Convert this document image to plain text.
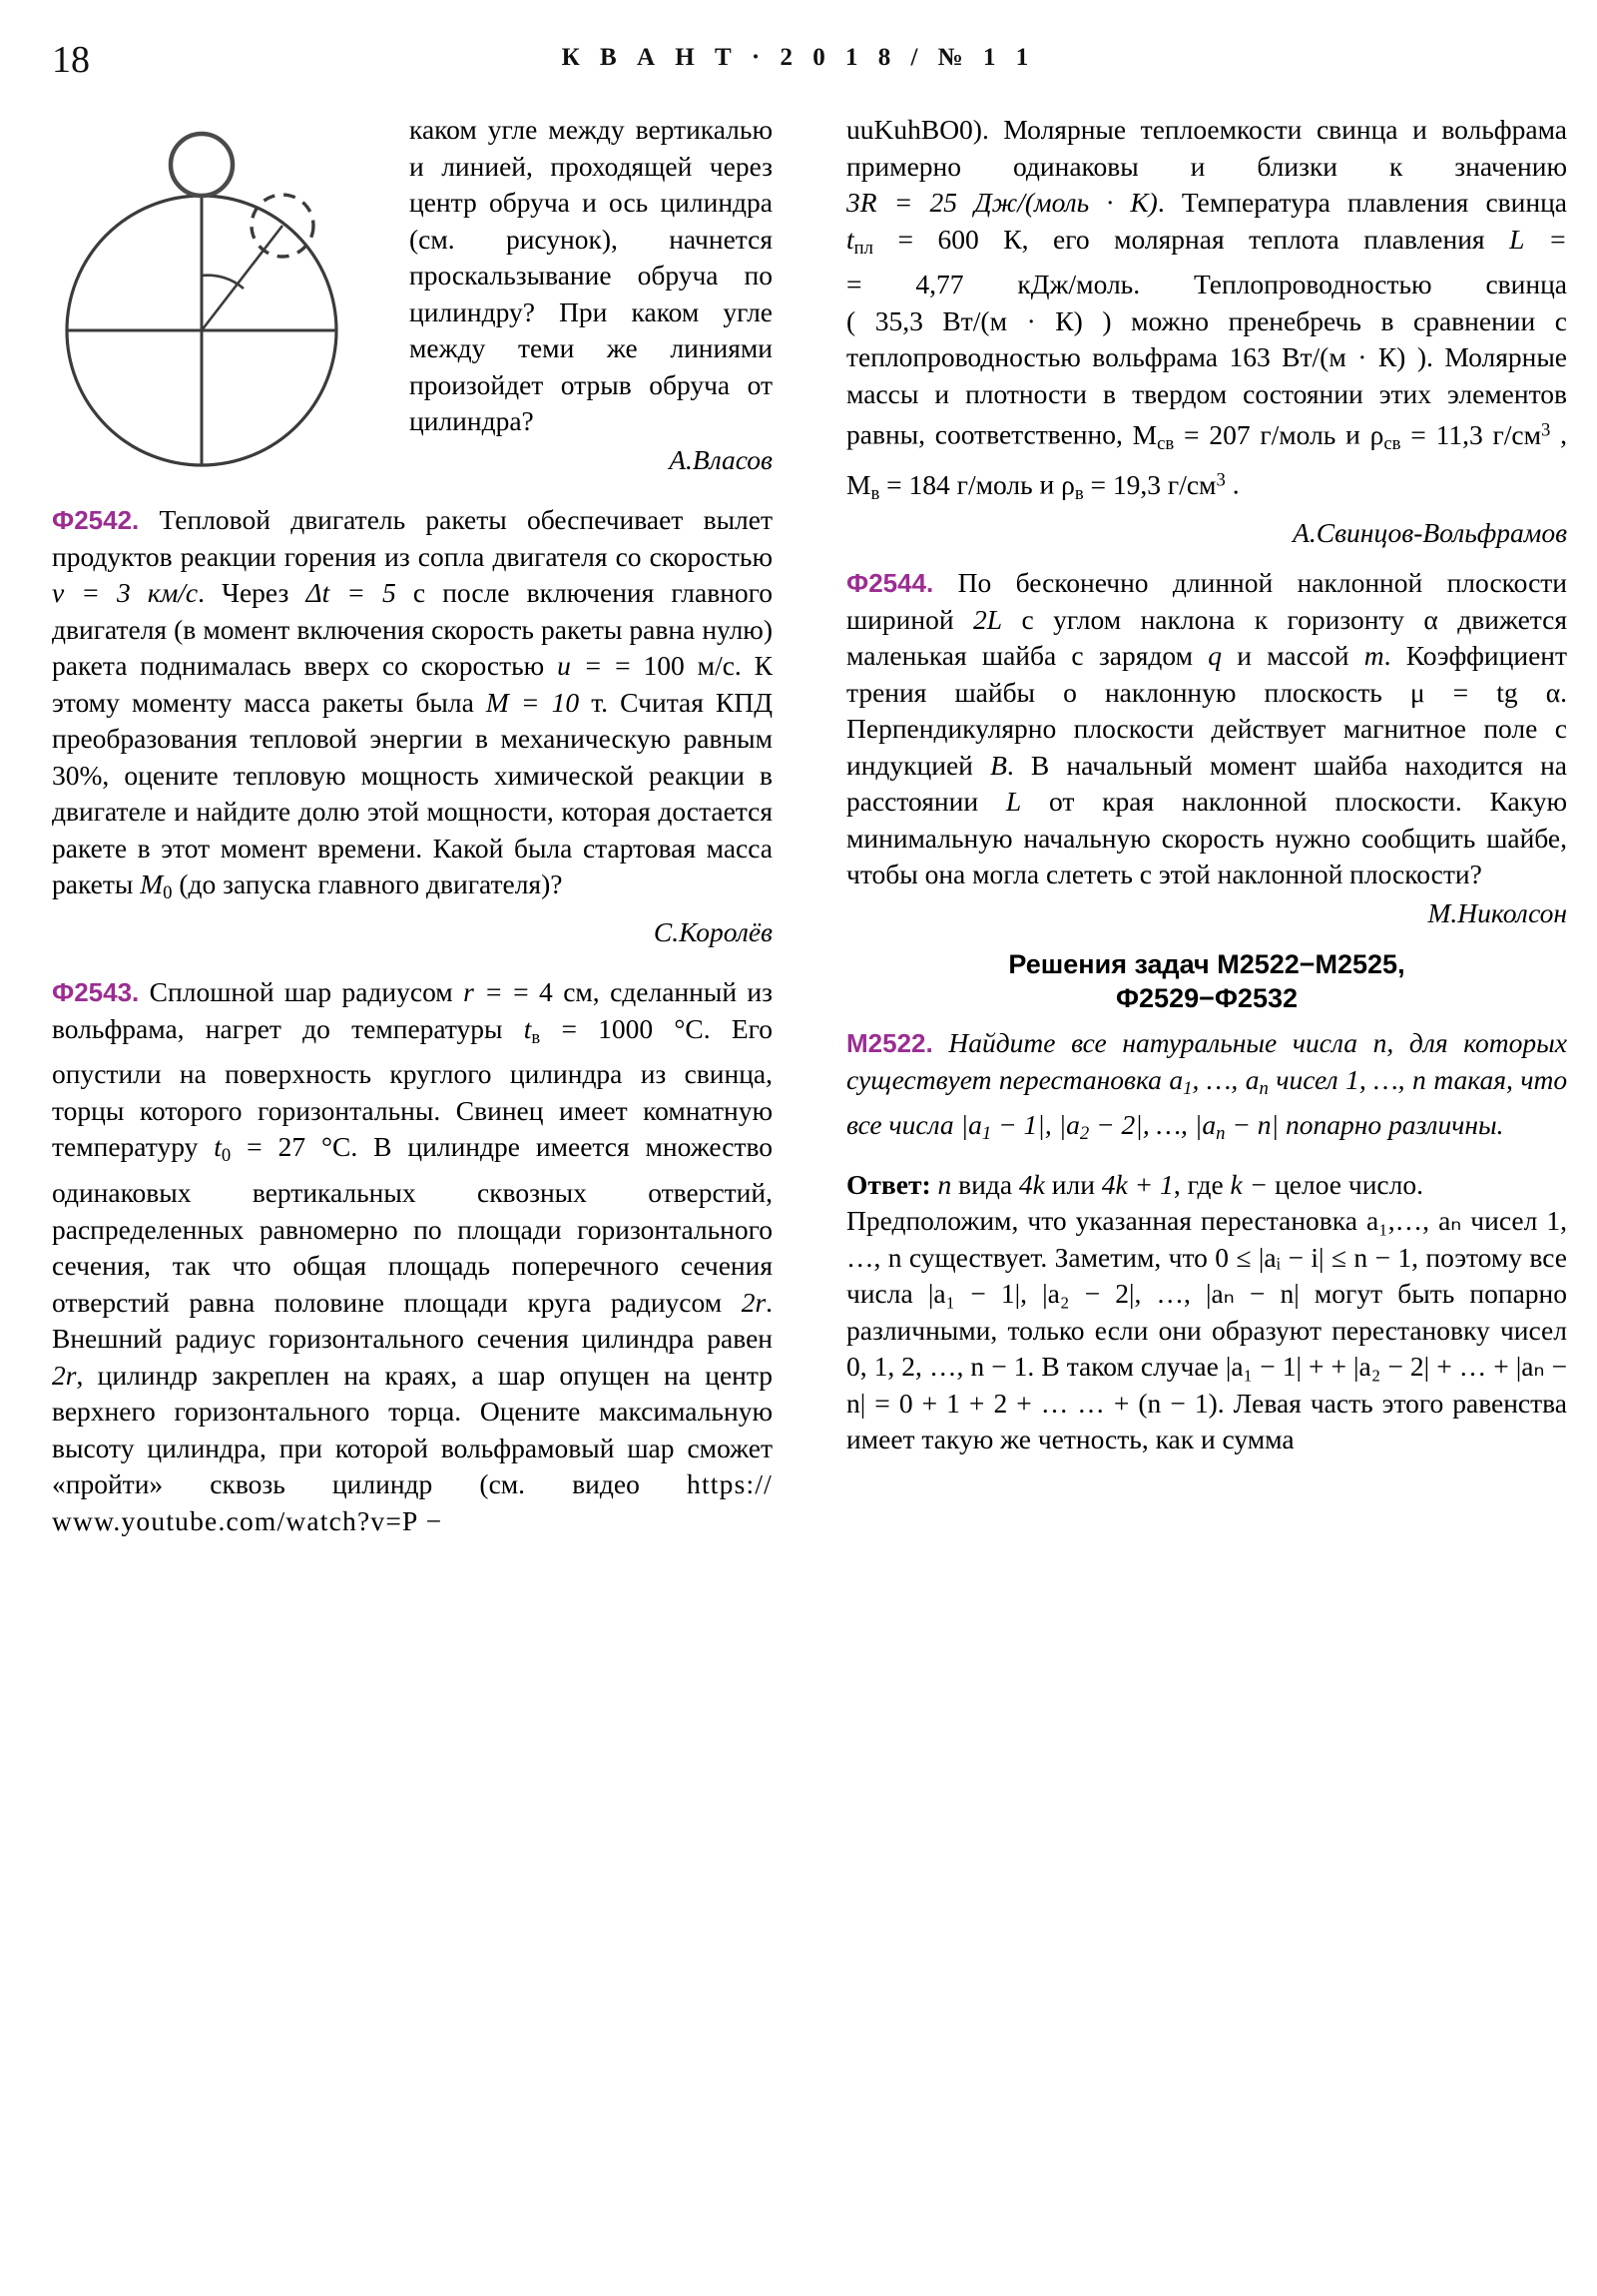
18	К В А Н Т · 2 0 1 8 / № 1 1

каком угле между вертикалью и линией, проходящей через центр обруча и ось цилиндра (см. рисунок), начнется проскальзывание обруча по цилиндру? При каком угле между теми же линиями произойдет отрыв обруча от цилиндра?

А.Власов

Ф2542. Тепловой двигатель ракеты обеспечивает вылет продуктов реакции горения из сопла двигателя со скоростью v = 3 км/с. Через Δt = 5 с после включения главного двигателя (в момент включения скорость ракеты равна нулю) ракета поднималась вверх со скоростью u = = 100 м/с. К этому моменту масса ракеты была M = 10 т. Считая КПД преобразования тепловой энергии в механическую равным 30%, оцените тепловую мощность химической реакции в двигателе и найдите долю этой мощности, которая достается ракете в этот момент времени. Какой была стартовая масса ракеты $M_0$ (до запуска главного двигателя)?

С.Королёв

Ф2543. Сплошной шар радиусом r = = 4 см, сделанный из вольфрама, нагрет до температуры $t_в = 1000$ °С. Его опустили на поверхность круглого цилиндра из свинца, торцы которого горизонтальны. Свинец имеет комнатную температуру $t_0 = 27$ °С. В цилиндре имеется множество одинаковых вертикальных сквозных отверстий, распределенных равномерно по площади горизонтального сечения, так что общая площадь поперечного сечения отверстий равна половине площади круга радиусом 2r. Внешний радиус горизонтального сечения цилиндра равен 2r, цилиндр закреплен на краях, а шар опущен на центр верхнего горизонтального торца. Оцените максимальную высоту цилиндра, при которой вольфрамовый шар сможет «пройти» сквозь цилиндр (см. видео https:// www.youtube.com/watch?v=P −

uuKuhBO0). Молярные теплоемкости свинца и вольфрама примерно одинаковы и близки к значению 3R = 25 Дж/(моль · К). Температура плавления свинца $t_{пл} = 600$ К, его молярная теплота плавления L = = 4,77 кДж/моль. Теплопроводностью свинца ( 35,3 Вт/(м · К) ) можно пренебречь в сравнении с теплопроводностью вольфрама 163 Вт/(м · К) ). Молярные массы и плотности в твердом состоянии этих элементов равны, соответственно, $М_{св} = 207$ г/моль и $\rho_{св} = 11,3$ $г/см^3$ , $М_в = 184$ г/моль и $\rho_в = 19,3$ $г/см^3$ .

А.Свинцов-Вольфрамов

Ф2544. По бесконечно длинной наклонной плоскости шириной 2L с углом наклона к горизонту α движется маленькая шайба с зарядом q и массой m. Коэффициент трения шайбы о наклонную плоскость μ = tg α. Перпендикулярно плоскости действует магнитное поле с индукцией B. В начальный момент шайба находится на расстоянии L от края наклонной плоскости. Какую минимальную начальную скорость нужно сообщить шайбе, чтобы она могла слететь с этой наклонной плоскости?

М.Николсон
Решения задач М2522−М2525,
Ф2529−Ф2532

M2522. Найдите все натуральные числа n, для которых существует перестановка $a_1$, …, $a_n$ чисел 1, …, n такая, что все числа $|a_1 - 1|$, $|a_2 - 2|$, …, $|a_n - n|$ попарно различны.

Ответ: n вида 4k или 4k + 1, где k − целое число.

Предположим, что указанная перестановка a₁,…, aₙ чисел 1, …, n существует. Заметим, что 0 ≤ |aᵢ − i| ≤ n − 1, поэтому все числа |a₁ − 1|, |a₂ − 2|, …, |aₙ − n| могут быть попарно различными, только если они образуют перестановку чисел 0, 1, 2, …, n − 1. В таком случае |a₁ − 1| + + |a₂ − 2| + … + |aₙ − n| = 0 + 1 + 2 + … … + (n − 1). Левая часть этого равенства имеет такую же четность, как и сумма
